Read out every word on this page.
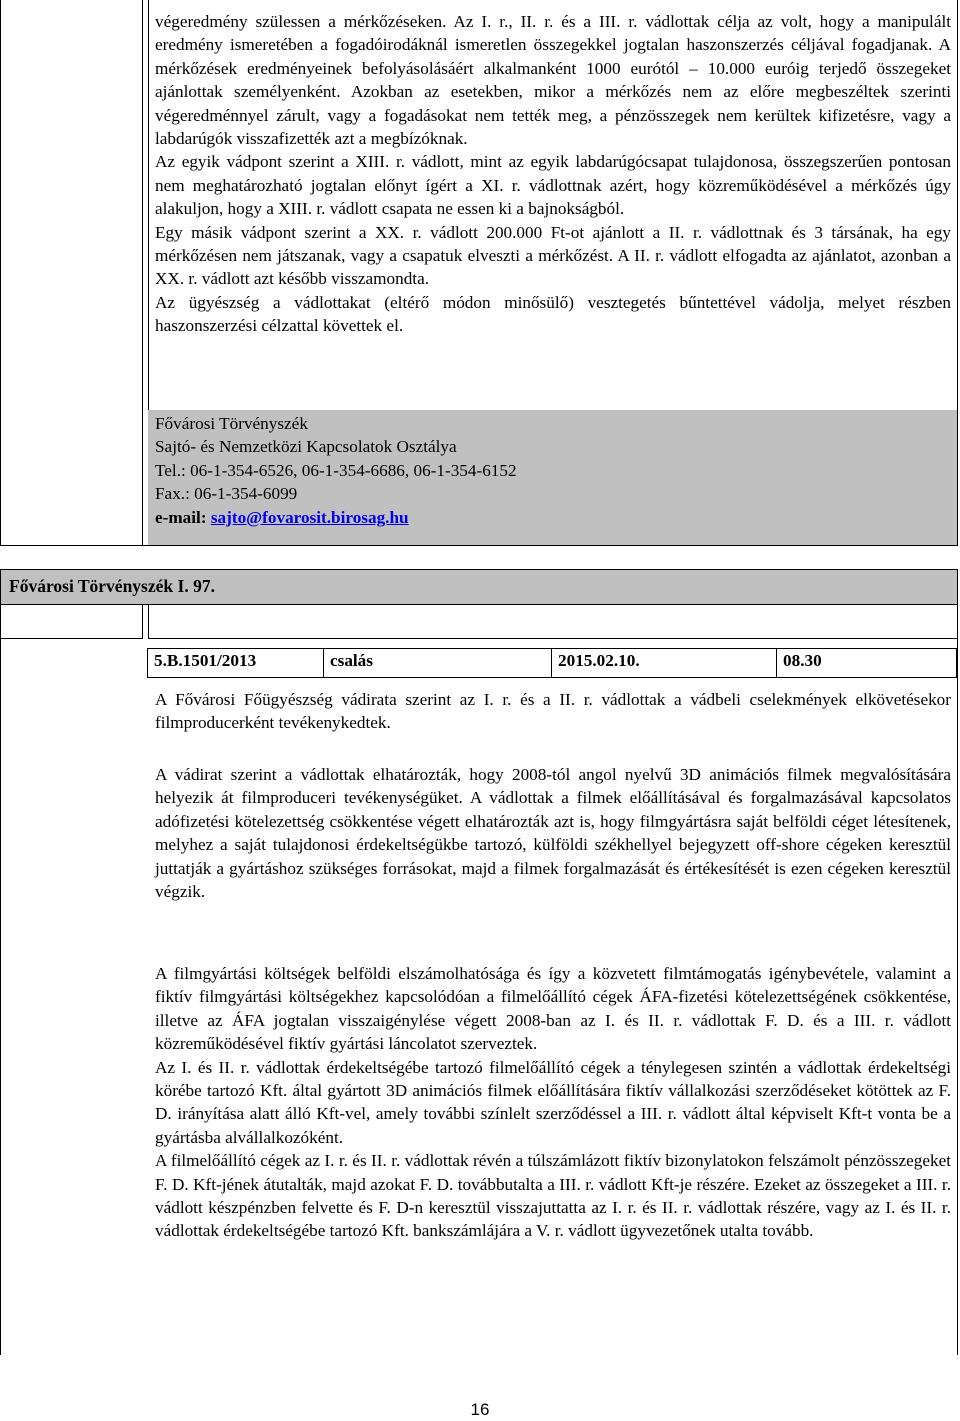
végeredmény szülessen a mérkőzéseken. Az I. r., II. r. és a III. r. vádlottak célja az volt, hogy a manipulált eredmény ismeretében a fogadóirodáknál ismeretlen összegekkel jogtalan haszonszerzés céljával fogadjanak. A mérkőzések eredményeinek befolyásolásáért alkalmanként 1000 eurótól – 10.000 euróig terjedő összegeket ajánlottak személyenként. Azokban az esetekben, mikor a mérkőzés nem az előre megbeszéltek szerinti végeredménnyel zárult, vagy a fogadásokat nem tették meg, a pénzösszegek nem kerültek kifizetésre, vagy a labdarúgók visszafizették azt a megbízóknak.

Az egyik vádpont szerint a XIII. r. vádlott, mint az egyik labdarúgócsapat tulajdonosa, összegszerűen pontosan nem meghatározható jogtalan előnyt ígért a XI. r. vádlottnak azért, hogy közreműködésével a mérkőzés úgy alakuljon, hogy a XIII. r. vádlott csapata ne essen ki a bajnokságból.

Egy másik vádpont szerint a XX. r. vádlott 200.000 Ft-ot ajánlott a II. r. vádlottnak és 3 társának, ha egy mérkőzésen nem játszanak, vagy a csapatuk elveszti a mérkőzést. A II. r. vádlott elfogadta az ajánlatot, azonban a XX. r. vádlott azt később visszamondta.

Az ügyészség a vádlottakat (eltérő módon minősülő) vesztegetés bűntettével vádolja, melyet részben haszonszerzési célzattal követtek el.

Fővárosi Törvényszék
Sajtó- és Nemzetközi Kapcsolatok Osztálya
Tel.: 06-1-354-6526, 06-1-354-6686, 06-1-354-6152
Fax.: 06-1-354-6099
e-mail: sajto@fovarosit.birosag.hu
Fővárosi Törvényszék I. 97.
5.B.1501/2013	csalás	2015.02.10.	08.30

A Fővárosi Főügyészség vádirata szerint az I. r. és a II. r. vádlottak a vádbeli cselekmények elkövetésekor filmproducerként tevékenykedtek.

A vádirat szerint a vádlottak elhatározták, hogy 2008-tól angol nyelvű 3D animációs filmek megvalósítására helyezik át filmproduceri tevékenységüket. A vádlottak a filmek előállításával és forgalmazásával kapcsolatos adófizetési kötelezettség csökkentése végett elhatározták azt is, hogy filmgyártásra saját belföldi céget létesítenek, melyhez a saját tulajdonosi érdekeltségükbe tartozó, külföldi székhellyel bejegyzett off-shore cégeken keresztül juttatják a gyártáshoz szükséges forrásokat, majd a filmek forgalmazását és értékesítését is ezen cégeken keresztül végzik.

A filmgyártási költségek belföldi elszámolhatósága és így a közvetett filmtámogatás igénybevétele, valamint a fiktív filmgyártási költségekhez kapcsolódóan a filmelőállító cégek ÁFA-fizetési kötelezettségének csökkentése, illetve az ÁFA jogtalan visszaigénylése végett 2008-ban az I. és II. r. vádlottak F. D. és a III. r. vádlott közreműködésével fiktív gyártási láncolatot szerveztek.

Az I. és II. r. vádlottak érdekeltségébe tartozó filmelőállító cégek a ténylegesen szintén a vádlottak érdekeltségi körébe tartozó Kft. által gyártott 3D animációs filmek előállítására fiktív vállalkozási szerződéseket kötöttek az F. D. irányítása alatt álló Kft-vel, amely további színlelt szerződéssel a III. r. vádlott által képviselt Kft-t vonta be a gyártásba alvállalkozóként.

A filmelőállító cégek az I. r. és II. r. vádlottak révén a túlszámlázott fiktív bizonylatokon felszámolt pénzösszegeket F. D. Kft-jének átutalták, majd azokat F. D. továbbutalta a III. r. vádlott Kft-je részére. Ezeket az összegeket a III. r. vádlott készpénzben felvette és F. D-n keresztül visszajuttatta az I. r. és II. r. vádlottak részére, vagy az I. és II. r. vádlottak érdekeltségébe tartozó Kft. bankszámlájára a V. r. vádlott ügyvezetőnek utalta tovább.

16
